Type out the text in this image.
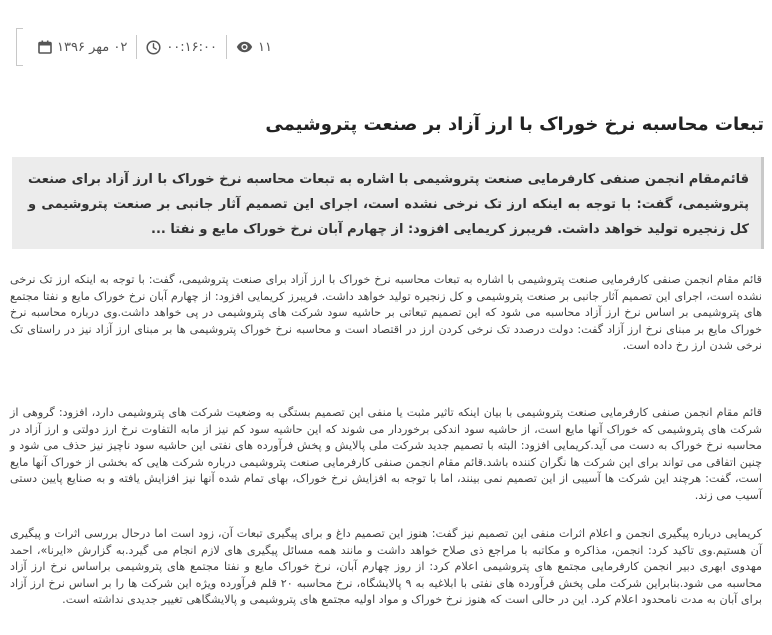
۰۲ مهر ۱۳۹۶	۰۰:۱۶:۰۰	۱۱
تبعات محاسبه نرخ خوراک با ارز آزاد بر صنعت پتروشیمی
قائم‌مقام انجمن صنفی کارفرمایی صنعت پتروشیمی با اشاره به تبعات محاسبه نرخ خوراک با ارز آزاد برای صنعت پتروشیمی، گفت: با توجه به اینکه ارز تک نرخی نشده است، اجرای این تصمیم آثار جانبی بر صنعت پتروشیمی و کل زنجیره تولید خواهد داشت. فریبرز کریمایی افزود: از چهارم آبان نرخ خوراک مایع و نفتا ...

قائم مقام انجمن صنفی کارفرمایی صنعت پتروشیمی با اشاره به تبعات محاسبه نرخ خوراک با ارز آزاد برای صنعت پتروشیمی، گفت: با توجه به اینکه ارز تک نرخی نشده است، اجرای این تصمیم آثار جانبی بر صنعت پتروشیمی و کل زنجیره تولید خواهد داشت. فریبرز کریمایی افزود: از چهارم آبان نرخ خوراک مایع و نفتا مجتمع های پتروشیمی بر اساس نرخ ارز آزاد محاسبه می شود که این تصمیم تبعاتی بر حاشیه سود شرکت های پتروشیمی در پی خواهد داشت.وی درباره محاسبه نرخ خوراک مایع بر مبنای نرخ ارز آزاد گفت: دولت درصدد تک نرخی کردن ارز در اقتصاد است و محاسبه نرخ خوراک پتروشیمی ها بر مبنای ارز آزاد نیز در راستای تک نرخی شدن ارز رخ داده است.

قائم مقام انجمن صنفی کارفرمایی صنعت پتروشیمی با بیان اینکه تاثیر مثبت یا منفی این تصمیم بستگی به وضعیت شرکت های پتروشیمی دارد، افزود: گروهی از شرکت های پتروشیمی که خوراک آنها مایع است، از حاشیه سود اندکی برخوردار می شوند که این حاشیه سود کم نیز از مابه التفاوت نرخ ارز دولتی و ارز آزاد در محاسبه نرخ خوراک به دست می آید.کریمایی افزود: البته با تصمیم جدید شرکت ملی پالایش و پخش فرآورده های نفتی این حاشیه سود ناچیز نیز حذف می شود و چنین اتفاقی می تواند برای این شرکت ها نگران کننده باشد.قائم مقام انجمن صنفی کارفرمایی صنعت پتروشیمی درباره شرکت هایی که بخشی از خوراک آنها مایع است، گفت: هرچند این شرکت ها آسیبی از این تصمیم نمی بینند، اما با توجه به افزایش نرخ خوراک، بهای تمام شده آنها نیز افزایش یافته و به صنایع پایین دستی آسیب می زند.

کریمایی درباره پیگیری انجمن و اعلام اثرات منفی این تصمیم نیز گفت: هنوز این تصمیم داغ و برای پیگیری تبعات آن، زود است اما درحال بررسی اثرات و پیگیری آن هستیم.وی تاکید کرد: انجمن، مذاکره و مکاتبه با مراجع ذی صلاح خواهد داشت و مانند همه مسائل پیگیری های لازم انجام می گیرد.به گزارش «ایرنا»، احمد مهدوی ابهری دبیر انجمن کارفرمایی مجتمع های پتروشیمی اعلام کرد: از روز چهارم آبان، نرخ خوراک مایع و نفتا مجتمع های پتروشیمی براساس نرخ ارز آزاد محاسبه می شود.بنابراین شرکت ملی پخش فرآورده های نفتی با ابلاغیه به ۹ پالایشگاه، نرخ محاسبه ۲۰ قلم فرآورده ویژه این شرکت ها را بر اساس نرخ ارز آزاد برای آبان به مدت نامحدود اعلام کرد. این در حالی است که هنوز نرخ خوراک و مواد اولیه مجتمع های پتروشیمی و پالایشگاهی تغییر جدیدی نداشته است.
